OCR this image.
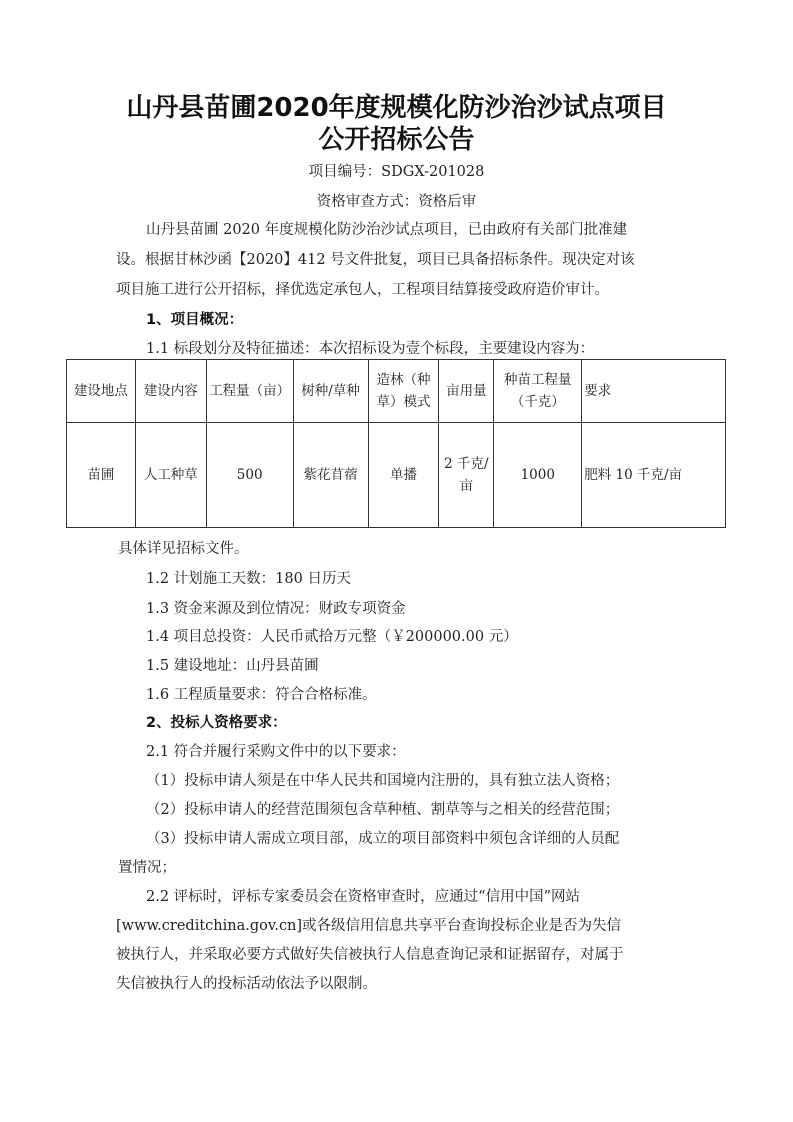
山丹县苗圃2020年度规模化防沙治沙试点项目
公开招标公告
项目编号：SDGX-201028
资格审查方式：资格后审
山丹县苗圃 2020 年度规模化防沙治沙试点项目，已由政府有关部门批准建
设。根据甘林沙函【2020】412 号文件批复，项目已具备招标条件。现决定对该
项目施工进行公开招标，择优选定承包人，工程项目结算接受政府造价审计。
1、项目概况：
1.1 标段划分及特征描述：本次招标设为壹个标段，主要建设内容为：
建设地点	建设内容	工程量（亩）	树种/草种	造林（种草）模式	亩用量	种苗工程量（千克）	要求
苗圃	人工种草	500	紫花苜蓿	单播	2 千克/亩	1000	肥料 10 千克/亩
具体详见招标文件。
1.2 计划施工天数：180 日历天
1.3 资金来源及到位情况：财政专项资金
1.4 项目总投资：人民币贰拾万元整（￥200000.00 元）
1.5 建设地址：山丹县苗圃
1.6 工程质量要求：符合合格标准。
2、投标人资格要求：
2.1 符合并履行采购文件中的以下要求：
（1）投标申请人须是在中华人民共和国境内注册的，具有独立法人资格；
（2）投标申请人的经营范围须包含草种植、割草等与之相关的经营范围；
（3）投标申请人需成立项目部，成立的项目部资料中须包含详细的人员配
置情况；
2.2 评标时，评标专家委员会在资格审查时，应通过“信用中国”网站
[www.creditchina.gov.cn]或各级信用信息共享平台查询投标企业是否为失信
被执行人，并采取必要方式做好失信被执行人信息查询记录和证据留存，对属于
失信被执行人的投标活动依法予以限制。
